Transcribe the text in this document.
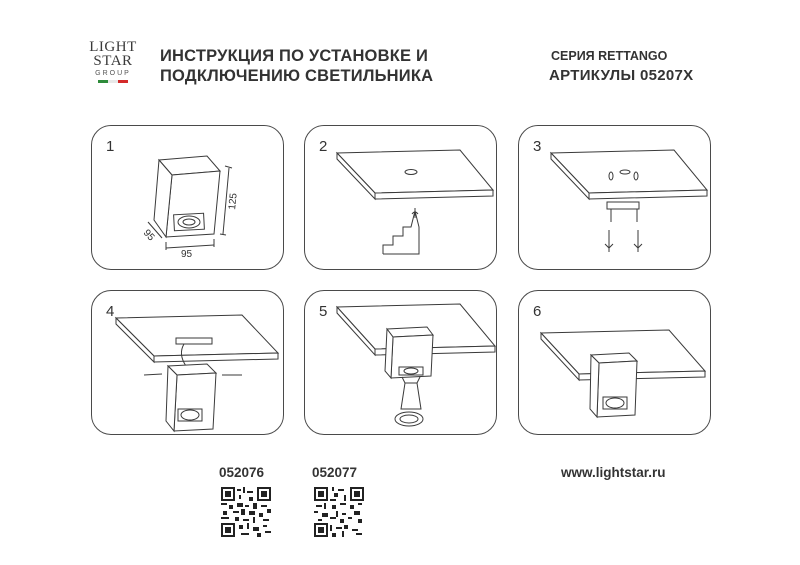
LIGHT
STAR
GROUP
ИНСТРУКЦИЯ ПО УСТАНОВКЕ И
ПОДКЛЮЧЕНИЮ СВЕТИЛЬНИКА
СЕРИЯ RETTANGO
АРТИКУЛЫ 05207X
1
125
95
95
2	3
4	5	6
052076	052077	www.lightstar.ru
